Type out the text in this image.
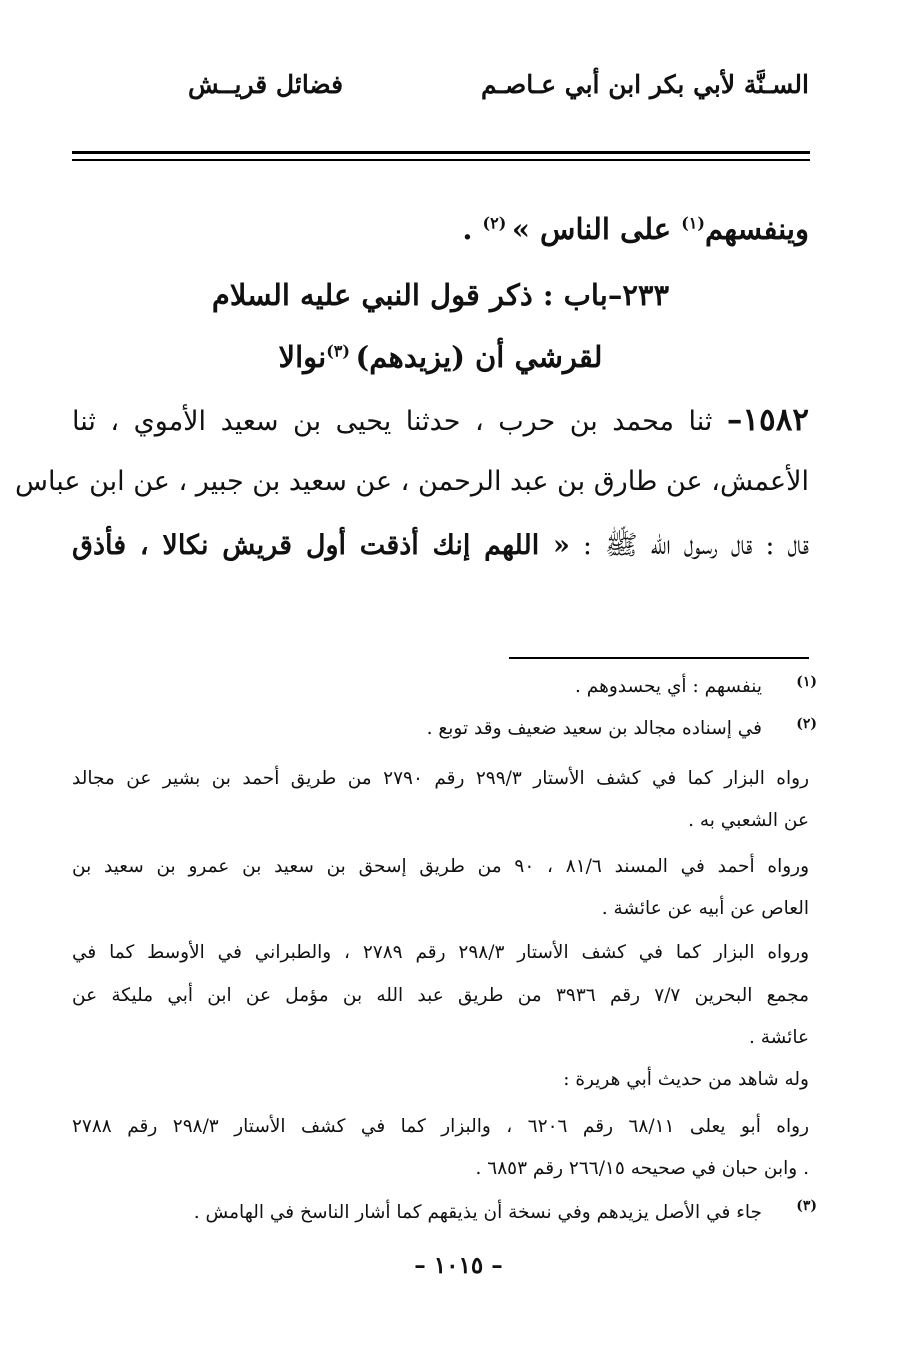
السـنَّة لأبي بكر ابن أبي عـاصـم
فضائل قريــش
وينفسهم$^{(١)}$ على الناس » $^{(٢)}$ .
٢٣٣–باب : ذكر قول النبي عليه السلام
لقرشي أن (يزيدهم) $^{(٣)}$نوالا
١٥٨٢– ثنا محمد بن حرب ، حدثنا يحيى بن سعيد الأموي ، ثنا
الأعمش، عن طارق بن عبد الرحمن ، عن سعيد بن جبير ، عن ابن عباس
قال : قال رسول الله ﷺ : « اللهم إنك أذقت أول قريش نكالا ، فأذق
(١)
ينفسهم : أي يحسدوهم .
(٢)
في إسناده مجالد بن سعيد ضعيف وقد توبع .
رواه البزار كما في كشف الأستار ٢٩٩/٣ رقم ٢٧٩٠ من طريق أحمد بن بشير عن مجالد
عن الشعبي به .
ورواه أحمد في المسند ٨١/٦ ، ٩٠ من طريق إسحق بن سعيد بن عمرو بن سعيد بن
العاص عن أبيه عن عائشة .
ورواه البزار كما في كشف الأستار ٢٩٨/٣ رقم ٢٧٨٩ ، والطبراني في الأوسط كما في
مجمع البحرين ٧/٧ رقم ٣٩٣٦ من طريق عبد الله بن مؤمل عن ابن أبي مليكة عن
عائشة .
وله شاهد من حديث أبي هريرة :
رواه أبو يعلى ٦٨/١١ رقم ٦٢٠٦ ، والبزار كما في كشف الأستار ٢٩٨/٣ رقم ٢٧٨٨
. وابن حبان في صحيحه ٢٦٦/١٥ رقم ٦٨٥٣ .
(٣)
جاء في الأصل يزيدهم وفي نسخة أن يذيقهم كما أشار الناسخ في الهامش .
– ١٠١٥ –
